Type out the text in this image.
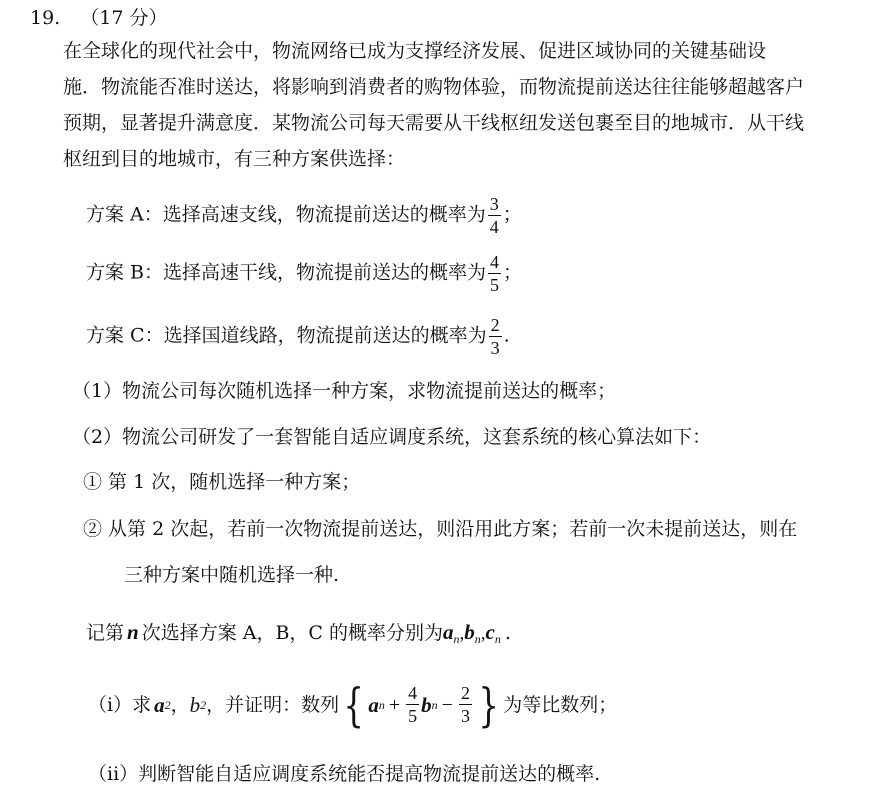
19. （17 分）
在全球化的现代社会中，物流网络已成为支撑经济发展、促进区域协同的关键基础设
施．物流能否准时送达，将影响到消费者的购物体验，而物流提前送达往往能够超越客户
预期，显著提升满意度．某物流公司每天需要从干线枢纽发送包裹至目的地城市．从干线
枢纽到目的地城市，有三种方案供选择：
方案 A：选择高速支线，物流提前送达的概率为 $\frac{3}{4}$ ；
方案 B：选择高速干线，物流提前送达的概率为 $\frac{4}{5}$ ；
方案 C：选择国道线路，物流提前送达的概率为 $\frac{2}{3}$ .
（1）物流公司每次随机选择一种方案，求物流提前送达的概率；
（2）物流公司研发了一套智能自适应调度系统，这套系统的核心算法如下：
① 第 1 次，随机选择一种方案；
② 从第 2 次起，若前一次物流提前送达，则沿用此方案；若前一次未提前送达，则在
三种方案中随机选择一种.
记第 n 次选择方案 A，B，C 的概率分别为$a_n,b_n,c_n$ .
（i）求 a 2 ， b 2 ，并证明：数列 { a $n + \frac{4}{5}$ b $n - \frac{2}{3}$ } 为等比数列；
（ii）判断智能自适应调度系统能否提高物流提前送达的概率.
